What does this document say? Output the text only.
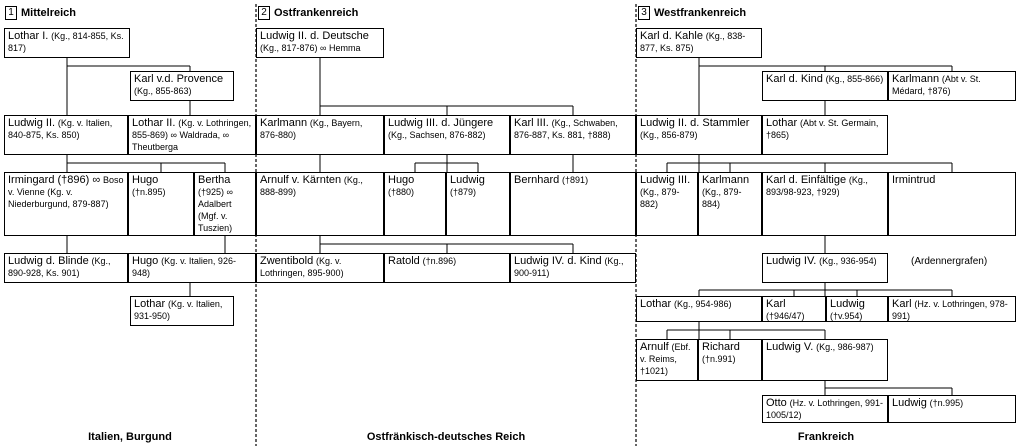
1 Mittelreich	2 Ostfrankenreich	3 Westfrankenreich
Lothar I. (Kg., 814-855, Ks. 817)
Karl v.d. Provence (Kg., 855-863)
Ludwig II. (Kg. v. Italien, 840-875, Ks. 850)
Lothar II. (Kg. v. Lothringen, 855-869) ∞ Waldrada, ∞ Theutberga
Irmingard (†896) ∞ Boso v. Vienne (Kg. v. Niederburgund, 879-887)
Hugo (†n.895)
Bertha (†925) ∞ Adalbert (Mgf. v. Tuszien)
Ludwig d. Blinde (Kg., 890-928, Ks. 901)
Hugo (Kg. v. Italien, 926-948)
Lothar (Kg. v. Italien, 931-950)
Ludwig II. d. Deutsche (Kg., 817-876) ∞ Hemma
Karlmann (Kg., Bayern, 876-880)
Ludwig III. d. Jüngere (Kg., Sachsen, 876-882)
Karl III. (Kg., Schwaben, 876-887, Ks. 881, †888)
Arnulf v. Kärnten (Kg., 888-899)
Hugo (†880)
Ludwig (†879)
Bernhard (†891)
Zwentibold (Kg. v. Lothringen, 895-900)
Ratold (†n.896)	Ludwig IV. d. Kind (Kg., 900-911)
Karl d. Kahle (Kg., 838-877, Ks. 875)
Karl d. Kind (Kg., 855-866) Karlmann (Abt v. St. Médard, †876)
Ludwig II. d. Stammler (Kg., 856-879)
Lothar (Abt v. St. Germain, †865)
Ludwig III. (Kg., 879-882)
Karlmann (Kg., 879-884)
Karl d. Einfältige (Kg., 893/98-923, †929)
Irmintrud
(Ardennergrafen)
Ludwig IV. (Kg., 936-954)
Lothar (Kg., 954-986)	Karl (†946/47)
Ludwig (†v.954)
Karl (Hz. v. Lothringen, 978-991)
Arnulf (Ebf. v. Reims, †1021)
Richard (†n.991)
Ludwig V. (Kg., 986-987)
Otto (Hz. v. Lothringen, 991-1005/12)
Ludwig (†n.995)
Italien, Burgund	Ostfränkisch-deutsches Reich	Frankreich
